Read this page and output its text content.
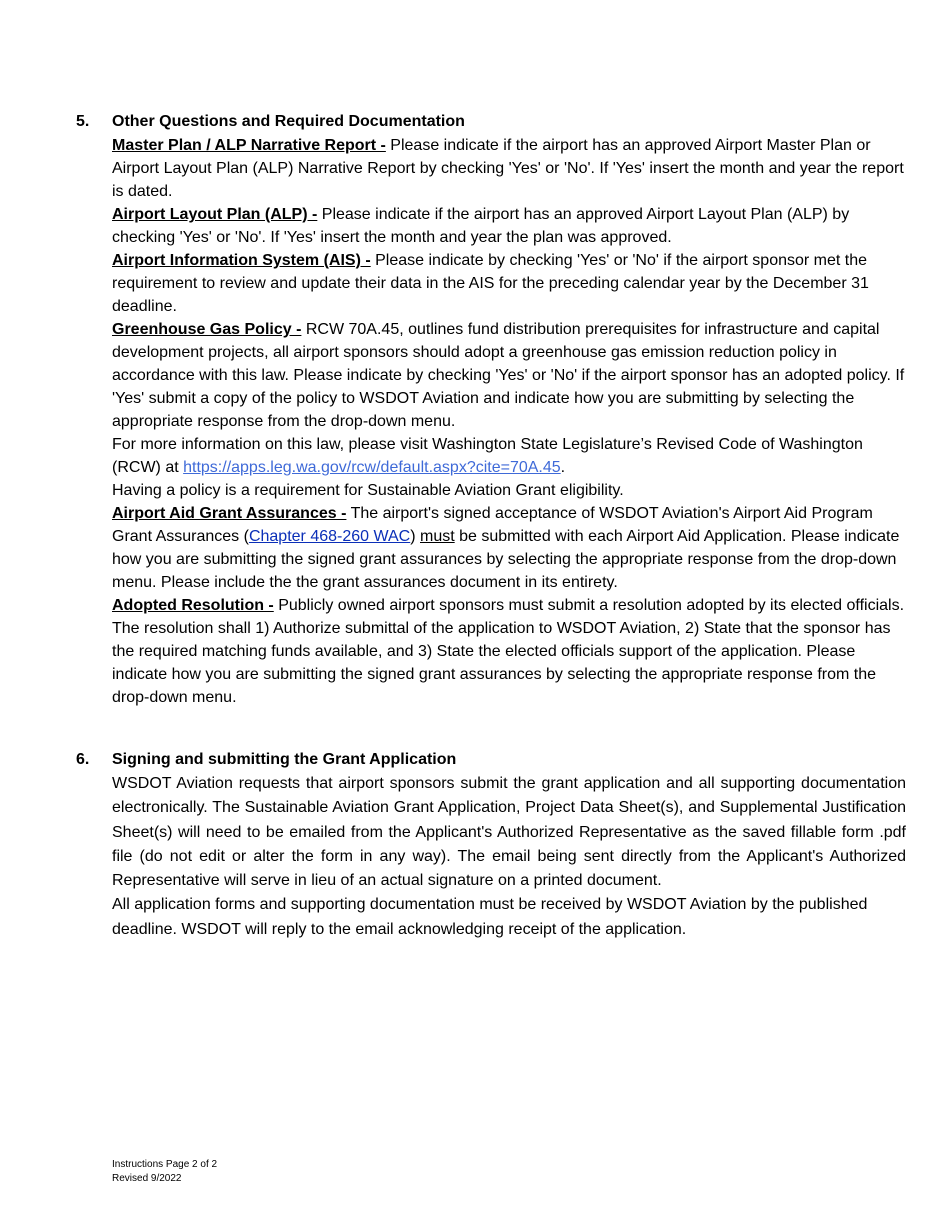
5. Other Questions and Required Documentation
Master Plan / ALP Narrative Report - Please indicate if the airport has an approved Airport Master Plan or Airport Layout Plan (ALP) Narrative Report by checking 'Yes' or 'No'. If 'Yes' insert the month and year the report is dated.
Airport Layout Plan (ALP) - Please indicate if the airport has an approved Airport Layout Plan (ALP) by checking 'Yes' or 'No'. If 'Yes' insert the month and year the plan was approved.
Airport Information System (AIS) - Please indicate by checking 'Yes' or 'No' if the airport sponsor met the requirement to review and update their data in the AIS for the preceding calendar year by the December 31 deadline.
Greenhouse Gas Policy - RCW 70A.45, outlines fund distribution prerequisites for infrastructure and capital development projects, all airport sponsors should adopt a greenhouse gas emission reduction policy in accordance with this law. Please indicate by checking 'Yes' or 'No' if the airport sponsor has an adopted policy. If 'Yes' submit a copy of the policy to WSDOT Aviation and indicate how you are submitting by selecting the appropriate response from the drop-down menu.
For more information on this law, please visit Washington State Legislature’s Revised Code of Washington (RCW) at https://apps.leg.wa.gov/rcw/default.aspx?cite=70A.45.
Having a policy is a requirement for Sustainable Aviation Grant eligibility.
Airport Aid Grant Assurances - The airport's signed acceptance of WSDOT Aviation's Airport Aid Program Grant Assurances (Chapter 468-260 WAC) must be submitted with each Airport Aid Application. Please indicate how you are submitting the signed grant assurances by selecting the appropriate response from the drop-down menu. Please include the the grant assurances document in its entirety.
Adopted Resolution - Publicly owned airport sponsors must submit a resolution adopted by its elected officials. The resolution shall 1) Authorize submittal of the application to WSDOT Aviation, 2) State that the sponsor has the required matching funds available, and 3) State the elected officials support of the application. Please indicate how you are submitting the signed grant assurances by selecting the appropriate response from the drop-down menu.
6. Signing and submitting the Grant Application
WSDOT Aviation requests that airport sponsors submit the grant application and all supporting documentation electronically. The Sustainable Aviation Grant Application, Project Data Sheet(s), and Supplemental Justification Sheet(s) will need to be emailed from the Applicant's Authorized Representative as the saved fillable form .pdf file (do not edit or alter the form in any way). The email being sent directly from the Applicant's Authorized Representative will serve in lieu of an actual signature on a printed document.
All application forms and supporting documentation must be received by WSDOT Aviation by the published deadline. WSDOT will reply to the email acknowledging receipt of the application.
Instructions Page 2 of 2
Revised 9/2022
